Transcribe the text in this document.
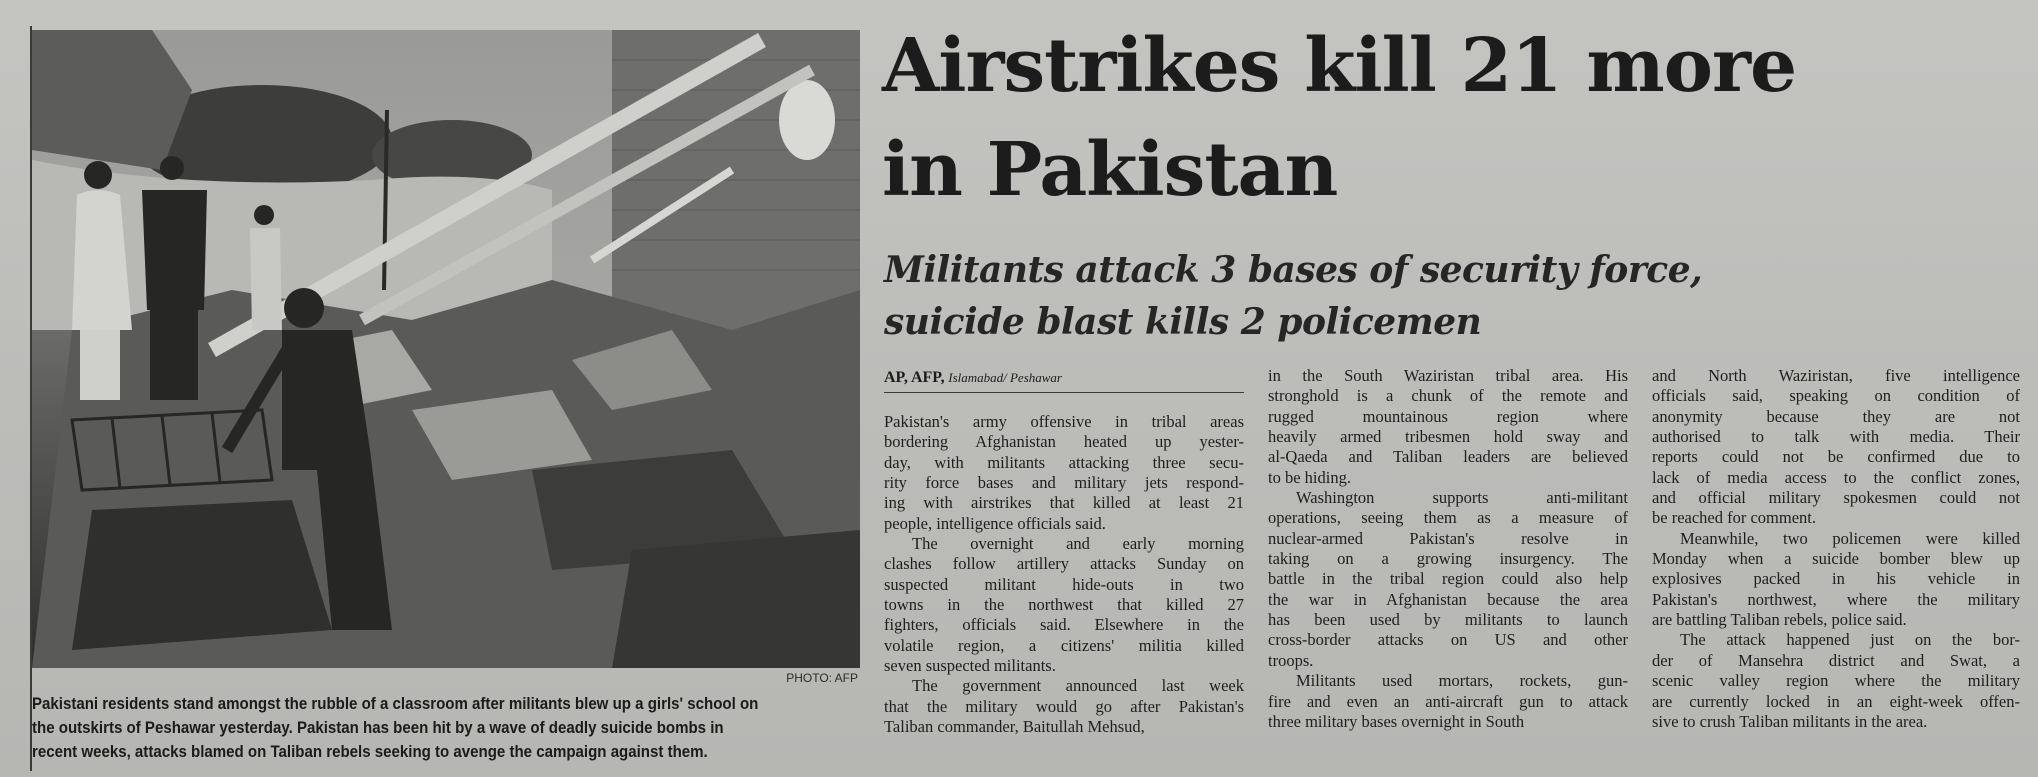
PHOTO: AFP
Pakistani residents stand amongst the rubble of a classroom after militants blew up a girls' school on
the outskirts of Peshawar yesterday. Pakistan has been hit by a wave of deadly suicide bombs in
recent weeks, attacks blamed on Taliban rebels seeking to avenge the campaign against them.
Airstrikes kill 21 more
in Pakistan
Militants attack 3 bases of security force,
suicide blast kills 2 policemen
AP, AFP, Islamabad/ Peshawar
Pakistan's army offensive in tribal areas
bordering Afghanistan heated up yester-
day, with militants attacking three secu-
rity force bases and military jets respond-
ing with airstrikes that killed at least 21
people, intelligence officials said.
The overnight and early morning
clashes follow artillery attacks Sunday on
suspected militant hide-outs in two
towns in the northwest that killed 27
fighters, officials said. Elsewhere in the
volatile region, a citizens' militia killed
seven suspected militants.
The government announced last week
that the military would go after Pakistan's
Taliban commander, Baitullah Mehsud,
in the South Waziristan tribal area. His
stronghold is a chunk of the remote and
rugged mountainous region where
heavily armed tribesmen hold sway and
al-Qaeda and Taliban leaders are believed
to be hiding.
Washington supports anti-militant
operations, seeing them as a measure of
nuclear-armed Pakistan's resolve in
taking on a growing insurgency. The
battle in the tribal region could also help
the war in Afghanistan because the area
has been used by militants to launch
cross-border attacks on US and other
troops.
Militants used mortars, rockets, gun-
fire and even an anti-aircraft gun to attack
three military bases overnight in South
and North Waziristan, five intelligence
officials said, speaking on condition of
anonymity because they are not
authorised to talk with media. Their
reports could not be confirmed due to
lack of media access to the conflict zones,
and official military spokesmen could not
be reached for comment.
Meanwhile, two policemen were killed
Monday when a suicide bomber blew up
explosives packed in his vehicle in
Pakistan's northwest, where the military
are battling Taliban rebels, police said.
The attack happened just on the bor-
der of Mansehra district and Swat, a
scenic valley region where the military
are currently locked in an eight-week offen-
sive to crush Taliban militants in the area.
